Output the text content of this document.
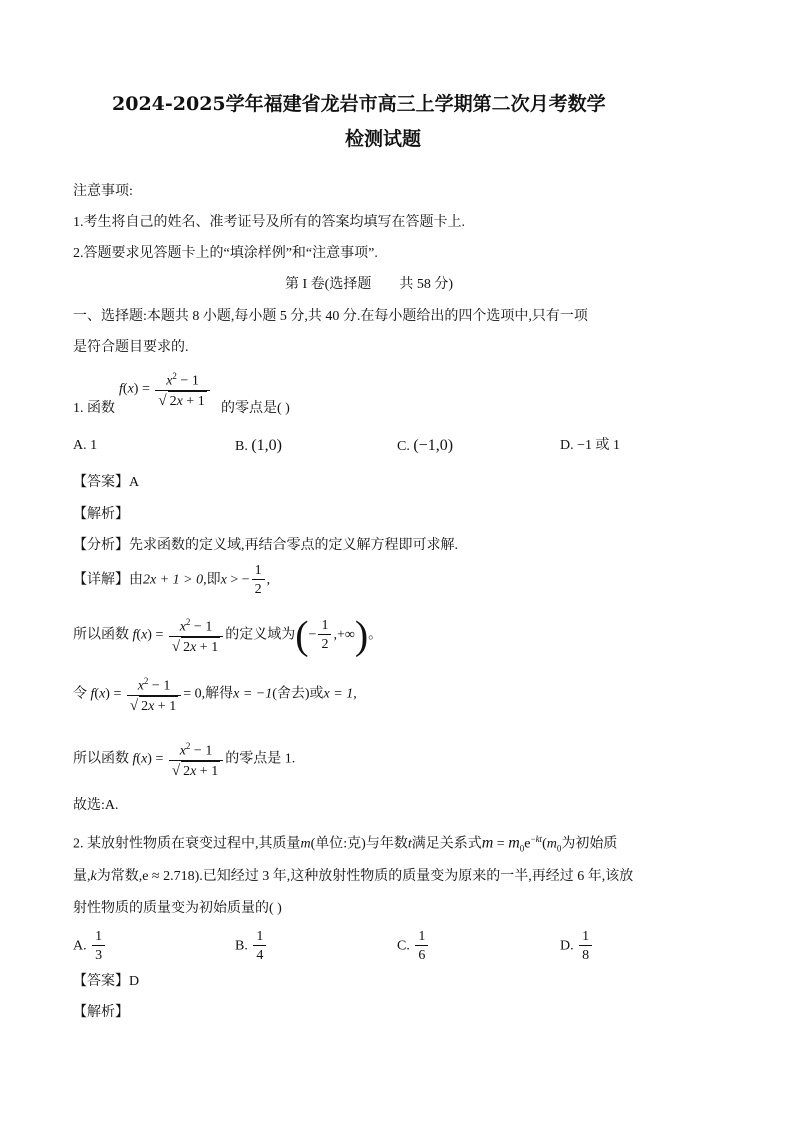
2024-2025学年福建省龙岩市高三上学期第二次月考数学
检测试题
注意事项:
1.考生将自己的姓名、准考证号及所有的答案均填写在答题卡上.
2.答题要求见答题卡上的“填涂样例”和“注意事项”.
第 I 卷(选择题 共 58 分)
一、选择题:本题共 8 小题,每小题 5 分,共 40 分.在每小题给出的四个选项中,只有一项
是符合题目要求的.
$f(x) = \frac{x^2 - 1}{√ 2x + 1}$
1. 函数	的零点是( )
A. 1	B. (1,0)	C. (−1,0)	D. −1 或 1
【答案】A
【解析】
【分析】先求函数的定义域,再结合零点的定义解方程即可求解.
【详解】由2x + 1 > 0,即x > − $\frac{1}{2}$ ,
所以函数 $f(x) = \frac{x^2 - 1}{√ 2x + 1}$ 的定义域为(− $\frac{1}{2}$ ,+∞)。
令 $f(x) = \frac{x^2 - 1}{√ 2x + 1} = 0$,解得x = −1(舍去)或x = 1,
所以函数 $f(x) = \frac{x^2 - 1}{√ 2x + 1}$ 的零点是 1.
故选:A.
2. 某放射性物质在衰变过程中,其质量m(单位:克)与年数t满足关系式$m = m_0e^{-kt}(m_0$为初始质
量,k为常数,e ≈ 2.718).已知经过 3 年,这种放射性物质的质量变为原来的一半,再经过 6 年,该放
射性物质的质量变为初始质量的( )
A. $\frac{1}{3}$	B. $\frac{1}{4}$	C. $\frac{1}{6}$	D. $\frac{1}{8}$
【答案】D
【解析】
